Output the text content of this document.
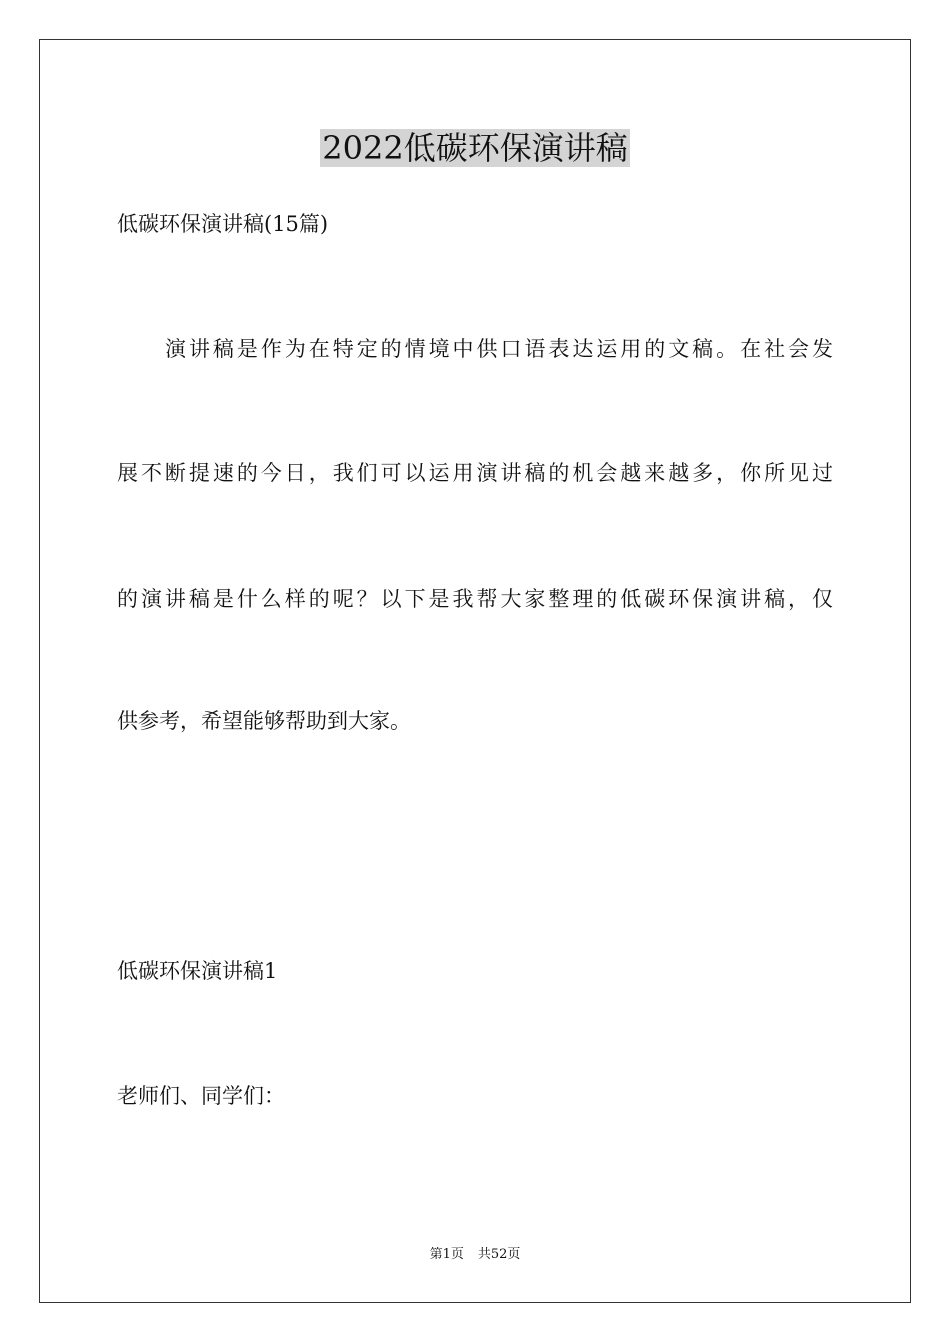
2022低碳环保演讲稿

低碳环保演讲稿(15篇)

演讲稿是作为在特定的情境中供口语表达运用的文稿。在社会发

展不断提速的今日，我们可以运用演讲稿的机会越来越多，你所见过

的演讲稿是什么样的呢？以下是我帮大家整理的低碳环保演讲稿，仅

供参考，希望能够帮助到大家。

低碳环保演讲稿1

老师们、同学们：

第1页 共52页
